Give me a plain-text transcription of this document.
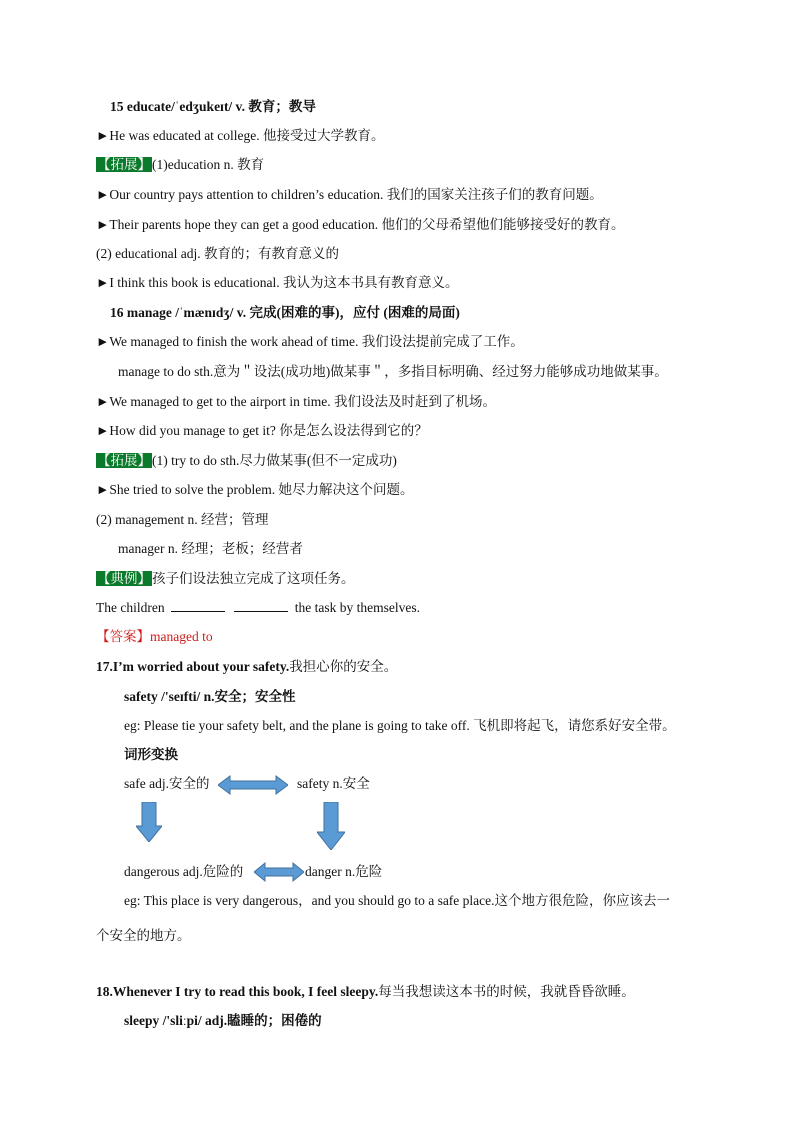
15 educate/ˈedʒukeɪt/ v. 教育；教导
►He was educated at college. 他接受过大学教育。
【拓展】(1)education n. 教育
►Our country pays attention to children’s education. 我们的国家关注孩子们的教育问题。
►Their parents hope they can get a good education. 他们的父母希望他们能够接受好的教育。
(2) educational adj. 教育的；有教育意义的
►I think this book is educational. 我认为这本书具有教育意义。
16 manage /ˈmænɪdʒ/ v. 完成(困难的事)，应付 (困难的局面)
►We managed to finish the work ahead of time. 我们设法提前完成了工作。
manage to do sth.意为＂设法(成功地)做某事＂，多指目标明确、经过努力能够成功地做某事。
►We managed to get to the airport in time. 我们设法及时赶到了机场。
►How did you manage to get it? 你是怎么设法得到它的？
【拓展】(1) try to do sth.尽力做某事(但不一定成功)
►She tried to solve the problem. 她尽力解决这个问题。
(2) management n. 经营；管理
manager n. 经理；老板；经营者
【典例】孩子们设法独立完成了这项任务。
The children	the task by themselves.
【答案】managed to
17.I’m worried about your safety.我担心你的安全。
safety /'seɪfti/ n.安全；安全性
eg: Please tie your safety belt, and the plane is going to take off. 飞机即将起飞，请您系好安全带。
词形变换
safe adj.安全的	safety n.安全
dangerous adj.危险的	danger n.危险
eg: This place is very dangerous，and you should go to a safe place.这个地方很危险，你应该去一
个安全的地方。
18.Whenever I try to read this book, I feel sleepy.每当我想读这本书的时候，我就昏昏欲睡。
sleepy /'sliːpi/ adj.瞌睡的；困倦的
